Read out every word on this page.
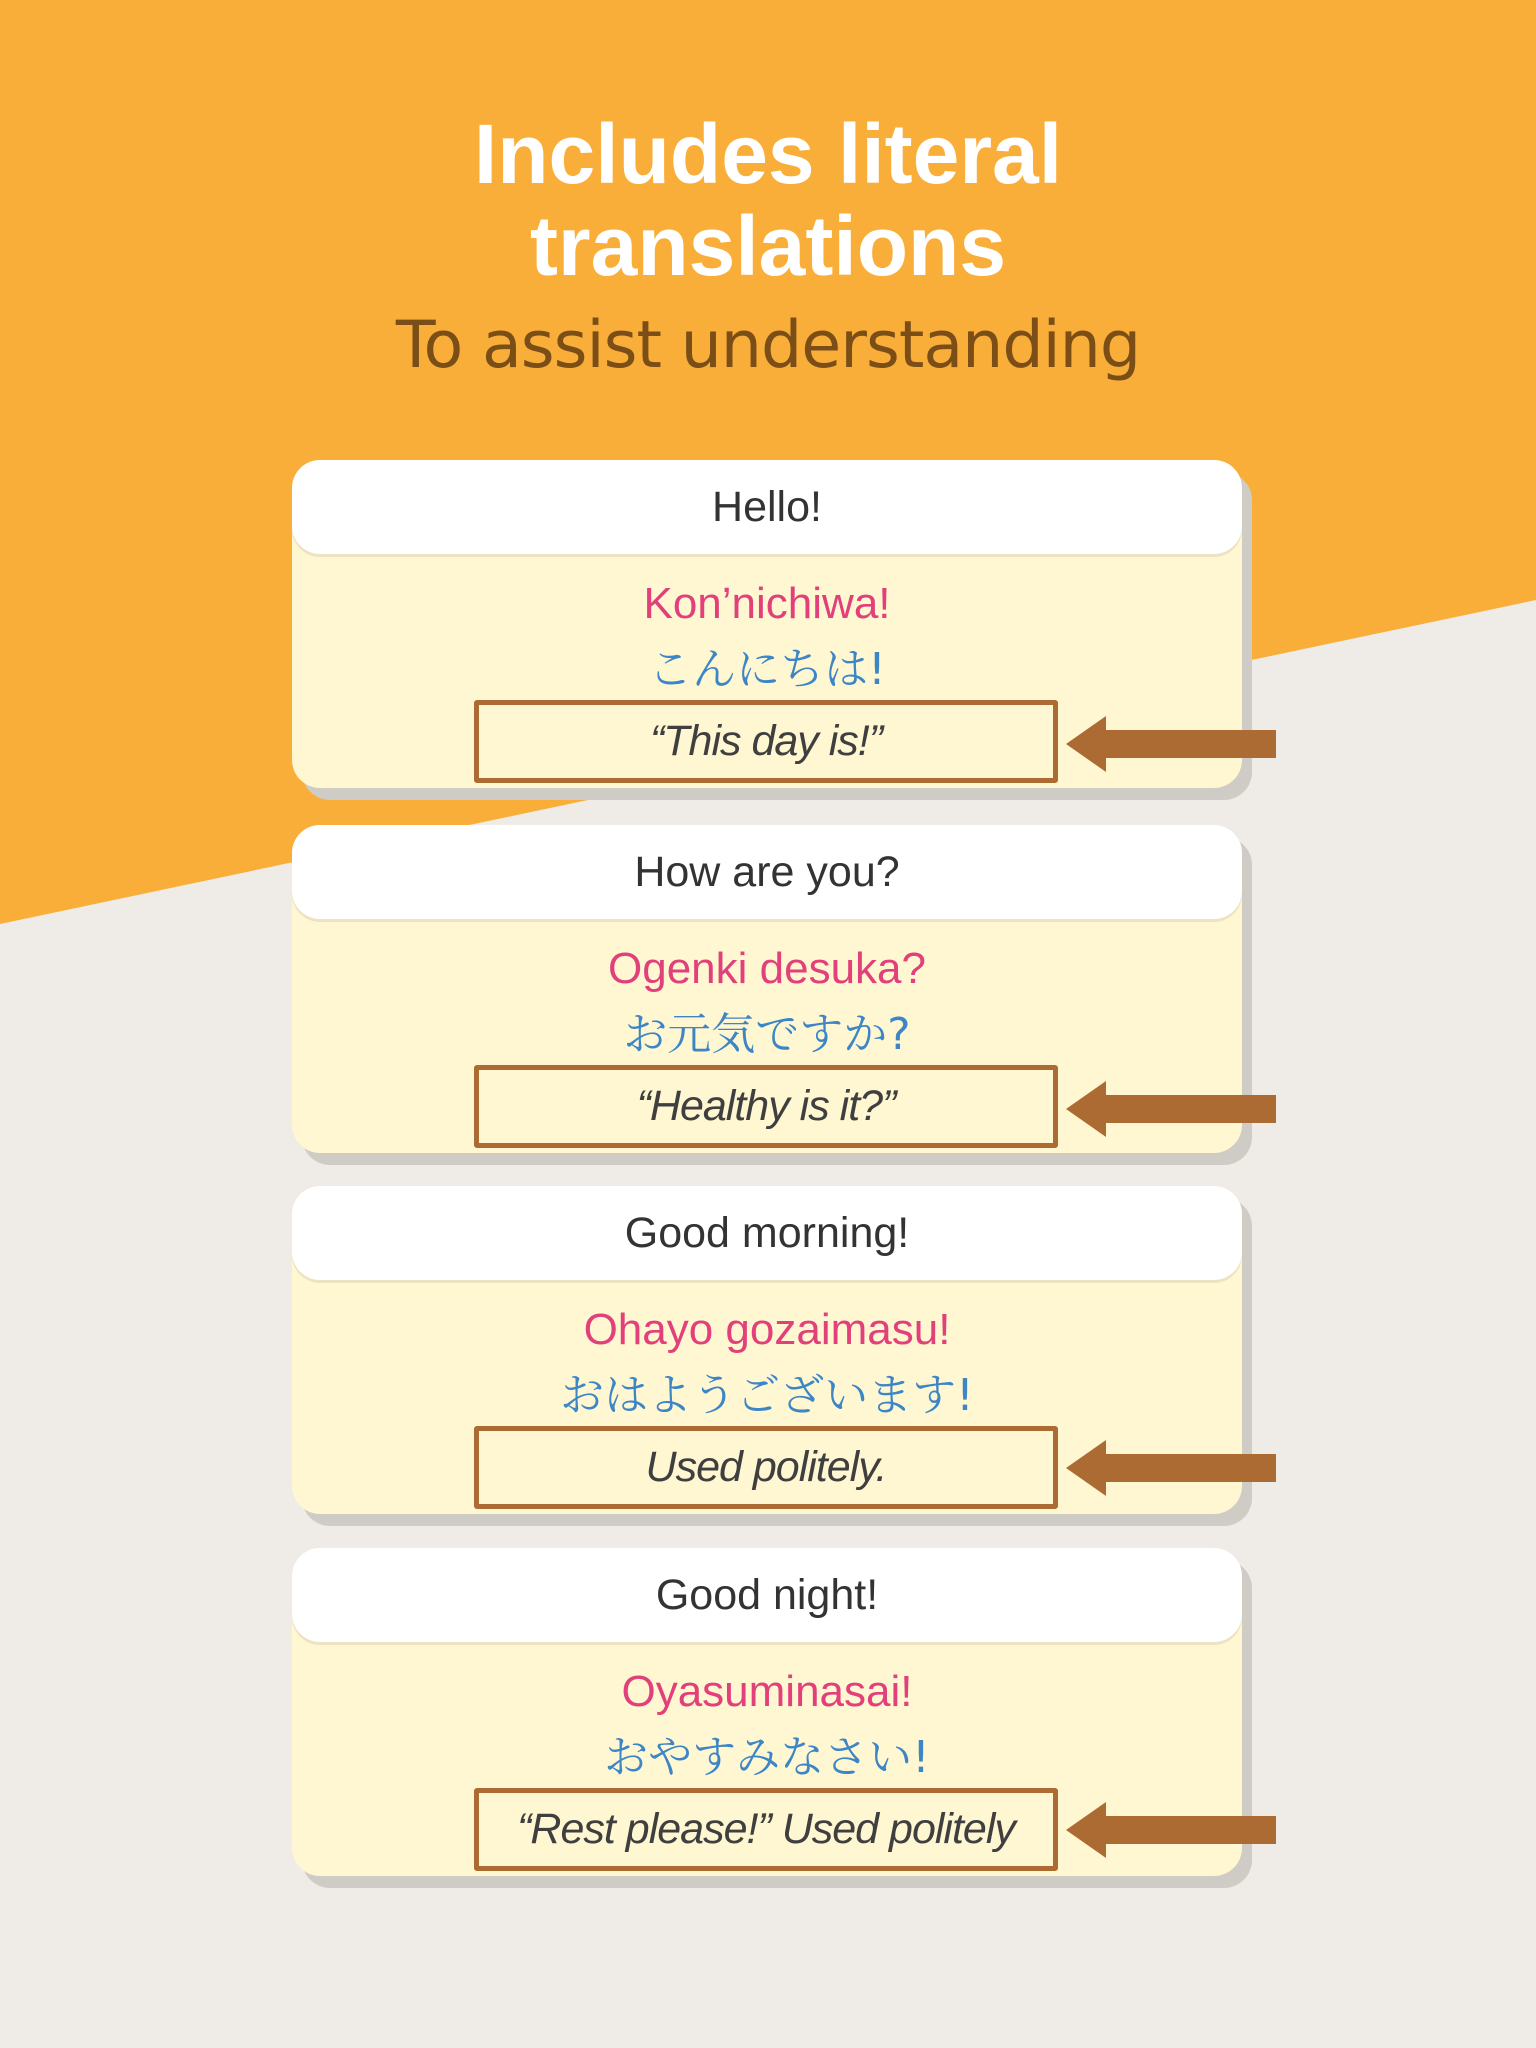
Includes literal
translations
To assist understanding
Hello!
Kon’nichiwa!
こんにちは!
“This day is!”
How are you?
Ogenki desuka?
お元気ですか?
“Healthy is it?”
Good morning!
Ohayo gozaimasu!
おはようございます!
Used politely.
Good night!
Oyasuminasai!
おやすみなさい!
“Rest please!” Used politely
